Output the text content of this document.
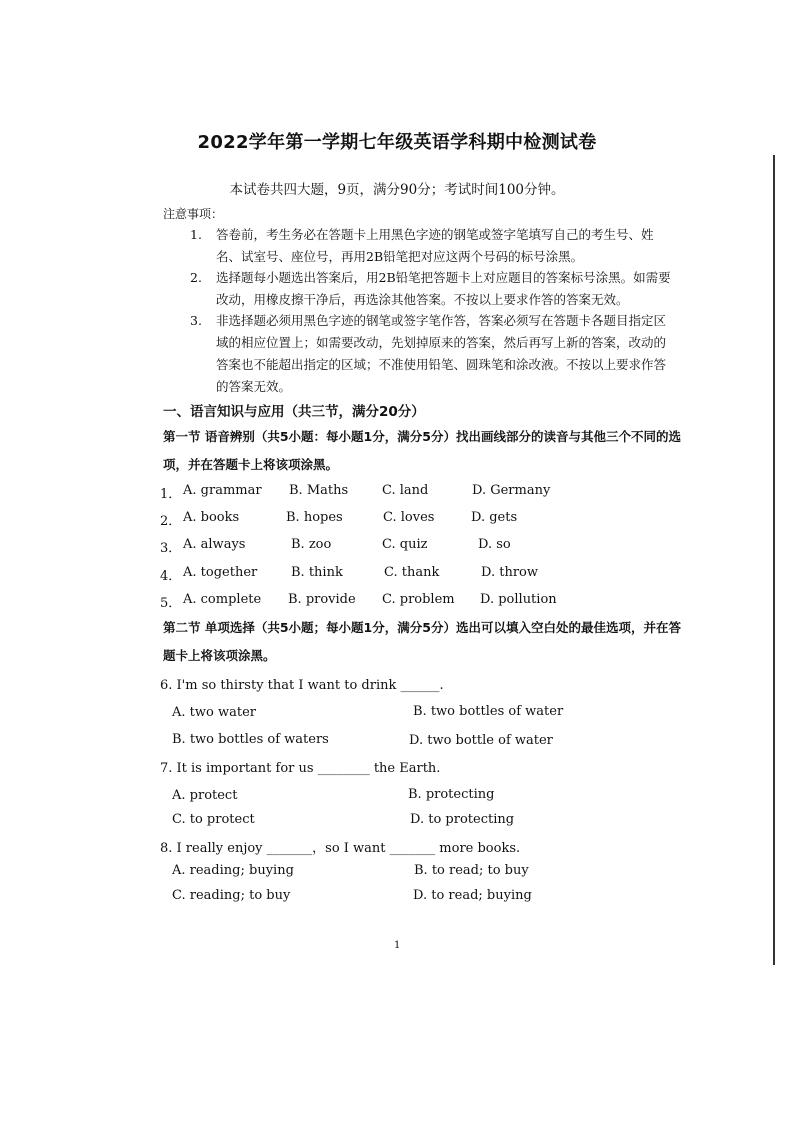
2022学年第一学期七年级英语学科期中检测试卷
本试卷共四大题，9页，满分90分；考试时间100分钟。
注意事项：
1. 答卷前，考生务必在答题卡上用黑色字迹的钢笔或签字笔填写自己的考生号、姓名、试室号、座位号，再用2B铅笔把对应这两个号码的标号涂黑。
2. 选择题每小题选出答案后，用2B铅笔把答题卡上对应题目的答案标号涂黑。如需要改动，用橡皮擦干净后，再选涂其他答案。不按以上要求作答的答案无效。
3. 非选择题必须用黑色字迹的钢笔或签字笔作答，答案必须写在答题卡各题目指定区域的相应位置上；如需要改动，先划掉原来的答案，然后再写上新的答案，改动的答案也不能超出指定的区域；不准使用铅笔、圆珠笔和涂改液。不按以上要求作答的答案无效。
一、语言知识与应用（共三节，满分20分）
第一节 语音辨别（共5小题：每小题1分，满分5分）找出画线部分的读音与其他三个不同的选项，并在答题卡上将该项涂黑。
1． A. grammar B. Maths	C. land	D. Germany
2． A. books	B. hopes	C. loves	D. gets
3． A. always	B. zoo	C. quiz	D. so
4． A. together	B. think	C. thank	D. throw
5． A. complete B. provide C. problem D. pollution
第二节 单项选择（共5小题；每小题1分，满分5分）选出可以填入空白处的最佳选项，并在答题卡上将该项涂黑。
6. I'm so thirsty that I want to drink ______.
A. two water	B. two bottles of water
B. two bottles of waters	D. two bottle of water
7. It is important for us ________ the Earth.
A. protect	B. protecting
C. to protect	D. to protecting
8. I really enjoy _______，so I want _______ more books.
A. reading; buying	B. to read; to buy
C. reading; to buy	D. to read; buying
1
